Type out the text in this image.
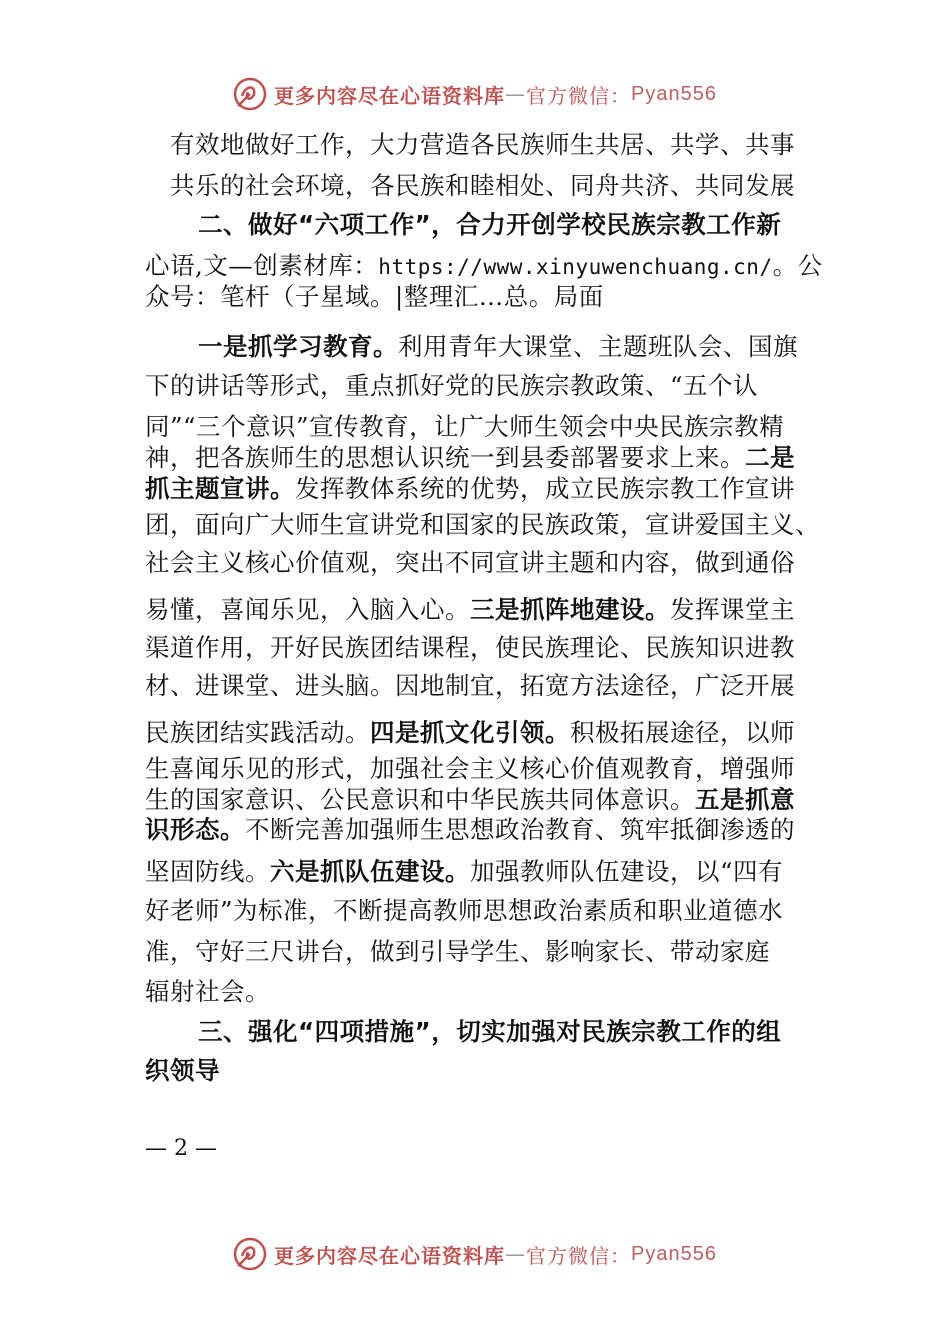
更多内容尽在心语资料库 — 官方微信： Pyan556
有效地做好工作，大力营造各民族师生共居、共学、共事
共乐的社会环境，各民族和睦相处、同舟共济、共同发展
二、做好“六项工作”，合力开创学校民族宗教工作新
心语,文—创素材库：https://www.xinyuwenchuang.cn/。公
众号：笔杆（子星域。|整理汇…总。局面
一是抓学习教育。利用青年大课堂、主题班队会、国旗
下的讲话等形式，重点抓好党的民族宗教政策、“五个认
同”“三个意识”宣传教育，让广大师生领会中央民族宗教精
神，把各族师生的思想认识统一到县委部署要求上来。二是
抓主题宣讲。发挥教体系统的优势，成立民族宗教工作宣讲
团，面向广大师生宣讲党和国家的民族政策，宣讲爱国主义、
社会主义核心价值观，突出不同宣讲主题和内容，做到通俗
易懂，喜闻乐见，入脑入心。三是抓阵地建设。发挥课堂主
渠道作用，开好民族团结课程，使民族理论、民族知识进教
材、进课堂、进头脑。因地制宜，拓宽方法途径，广泛开展
民族团结实践活动。四是抓文化引领。积极拓展途径，以师
生喜闻乐见的形式，加强社会主义核心价值观教育，增强师
生的国家意识、公民意识和中华民族共同体意识。五是抓意
识形态。不断完善加强师生思想政治教育、筑牢抵御渗透的
坚固防线。六是抓队伍建设。加强教师队伍建设，以“四有
好老师”为标准，不断提高教师思想政治素质和职业道德水
准，守好三尺讲台，做到引导学生、影响家长、带动家庭
辐射社会。
三、强化“四项措施”，切实加强对民族宗教工作的组
织领导
— 2 —
更多内容尽在心语资料库 — 官方微信： Pyan556
